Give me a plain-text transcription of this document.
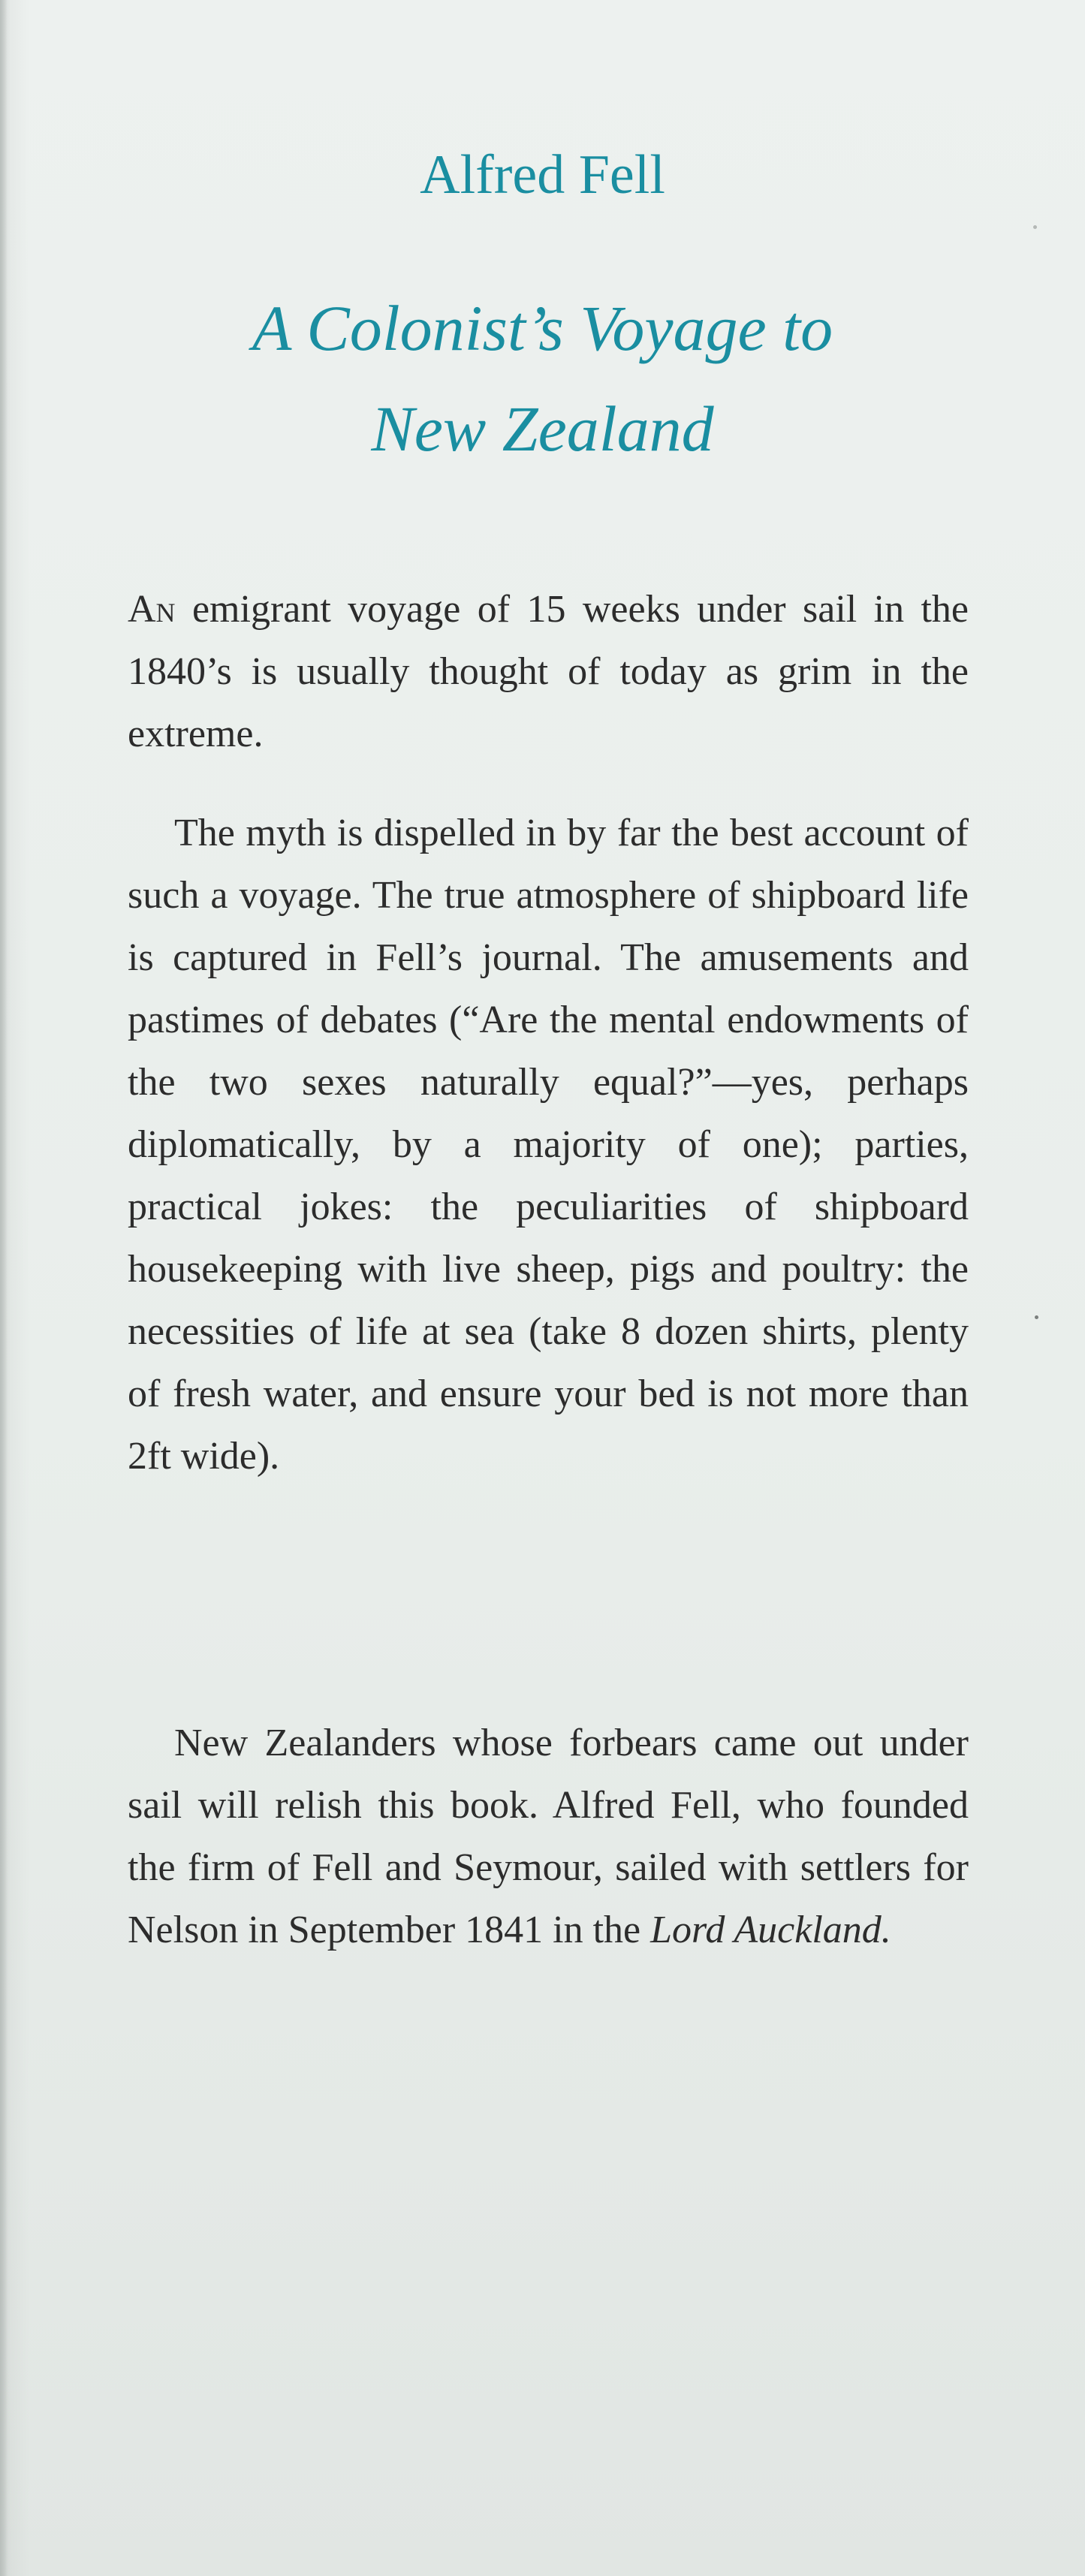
Alfred Fell
A Colonist’s Voyage to
New Zealand

An emigrant voyage of 15 weeks under sail in the 1840’s is usually thought of today as grim in the extreme.

The myth is dispelled in by far the best account of such a voyage. The true atmosphere of shipboard life is captured in Fell’s journal. The amusements and pastimes of debates (“Are the mental endowments of the two sexes naturally equal?”—yes, perhaps diplomatically, by a majority of one); parties, practical jokes: the peculiarities of shipboard housekeeping with live sheep, pigs and poultry: the necessities of life at sea (take 8 dozen shirts, plenty of fresh water, and ensure your bed is not more than 2ft wide).

New Zealanders whose forbears came out under sail will relish this book. Alfred Fell, who founded the firm of Fell and Seymour, sailed with settlers for Nelson in September 1841 in the Lord Auckland.
